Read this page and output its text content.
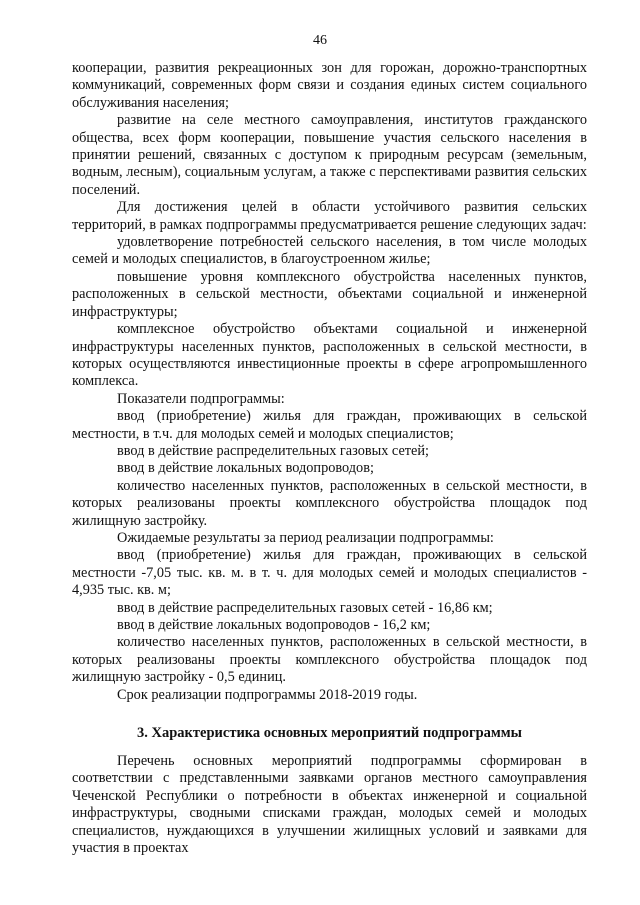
46

кооперации, развития рекреационных зон для горожан, дорожно-транспортных коммуникаций, современных форм связи и создания единых систем социального обслуживания населения;

развитие на селе местного самоуправления, институтов гражданского общества, всех форм кооперации, повышение участия сельского населения в принятии решений, связанных с доступом к природным ресурсам (земельным, водным, лесным), социальным услугам, а также с перспективами развития сельских поселений.

Для достижения целей в области устойчивого развития сельских территорий, в рамках подпрограммы предусматривается решение следующих задач:

удовлетворение потребностей сельского населения, в том числе молодых семей и молодых специалистов, в благоустроенном жилье;

повышение уровня комплексного обустройства населенных пунктов, расположенных в сельской местности, объектами социальной и инженерной инфраструктуры;

комплексное обустройство объектами социальной и инженерной инфраструктуры населенных пунктов, расположенных в сельской местности, в которых осуществляются инвестиционные проекты в сфере агропромышленного комплекса.

Показатели подпрограммы:

ввод (приобретение) жилья для граждан, проживающих в сельской местности, в т.ч. для молодых семей и молодых специалистов;

ввод в действие распределительных газовых сетей;

ввод в действие локальных водопроводов;

количество населенных пунктов, расположенных в сельской местности, в которых реализованы проекты комплексного обустройства площадок под жилищную застройку.

Ожидаемые результаты за период реализации подпрограммы:

ввод (приобретение) жилья для граждан, проживающих в сельской местности -7,05 тыс. кв. м. в т. ч. для молодых семей и молодых специалистов - 4,935 тыс. кв. м;

ввод в действие распределительных газовых сетей - 16,86 км;

ввод в действие локальных водопроводов - 16,2 км;

количество населенных пунктов, расположенных в сельской местности, в которых реализованы проекты комплексного обустройства площадок под жилищную застройку - 0,5 единиц.

Срок реализации подпрограммы 2018-2019 годы.

3. Характеристика основных мероприятий подпрограммы

Перечень основных мероприятий подпрограммы сформирован в соответствии с представленными заявками органов местного самоуправления Чеченской Республики о потребности в объектах инженерной и социальной инфраструктуры, сводными списками граждан, молодых семей и молодых специалистов, нуждающихся в улучшении жилищных условий и заявками для участия в проектах
